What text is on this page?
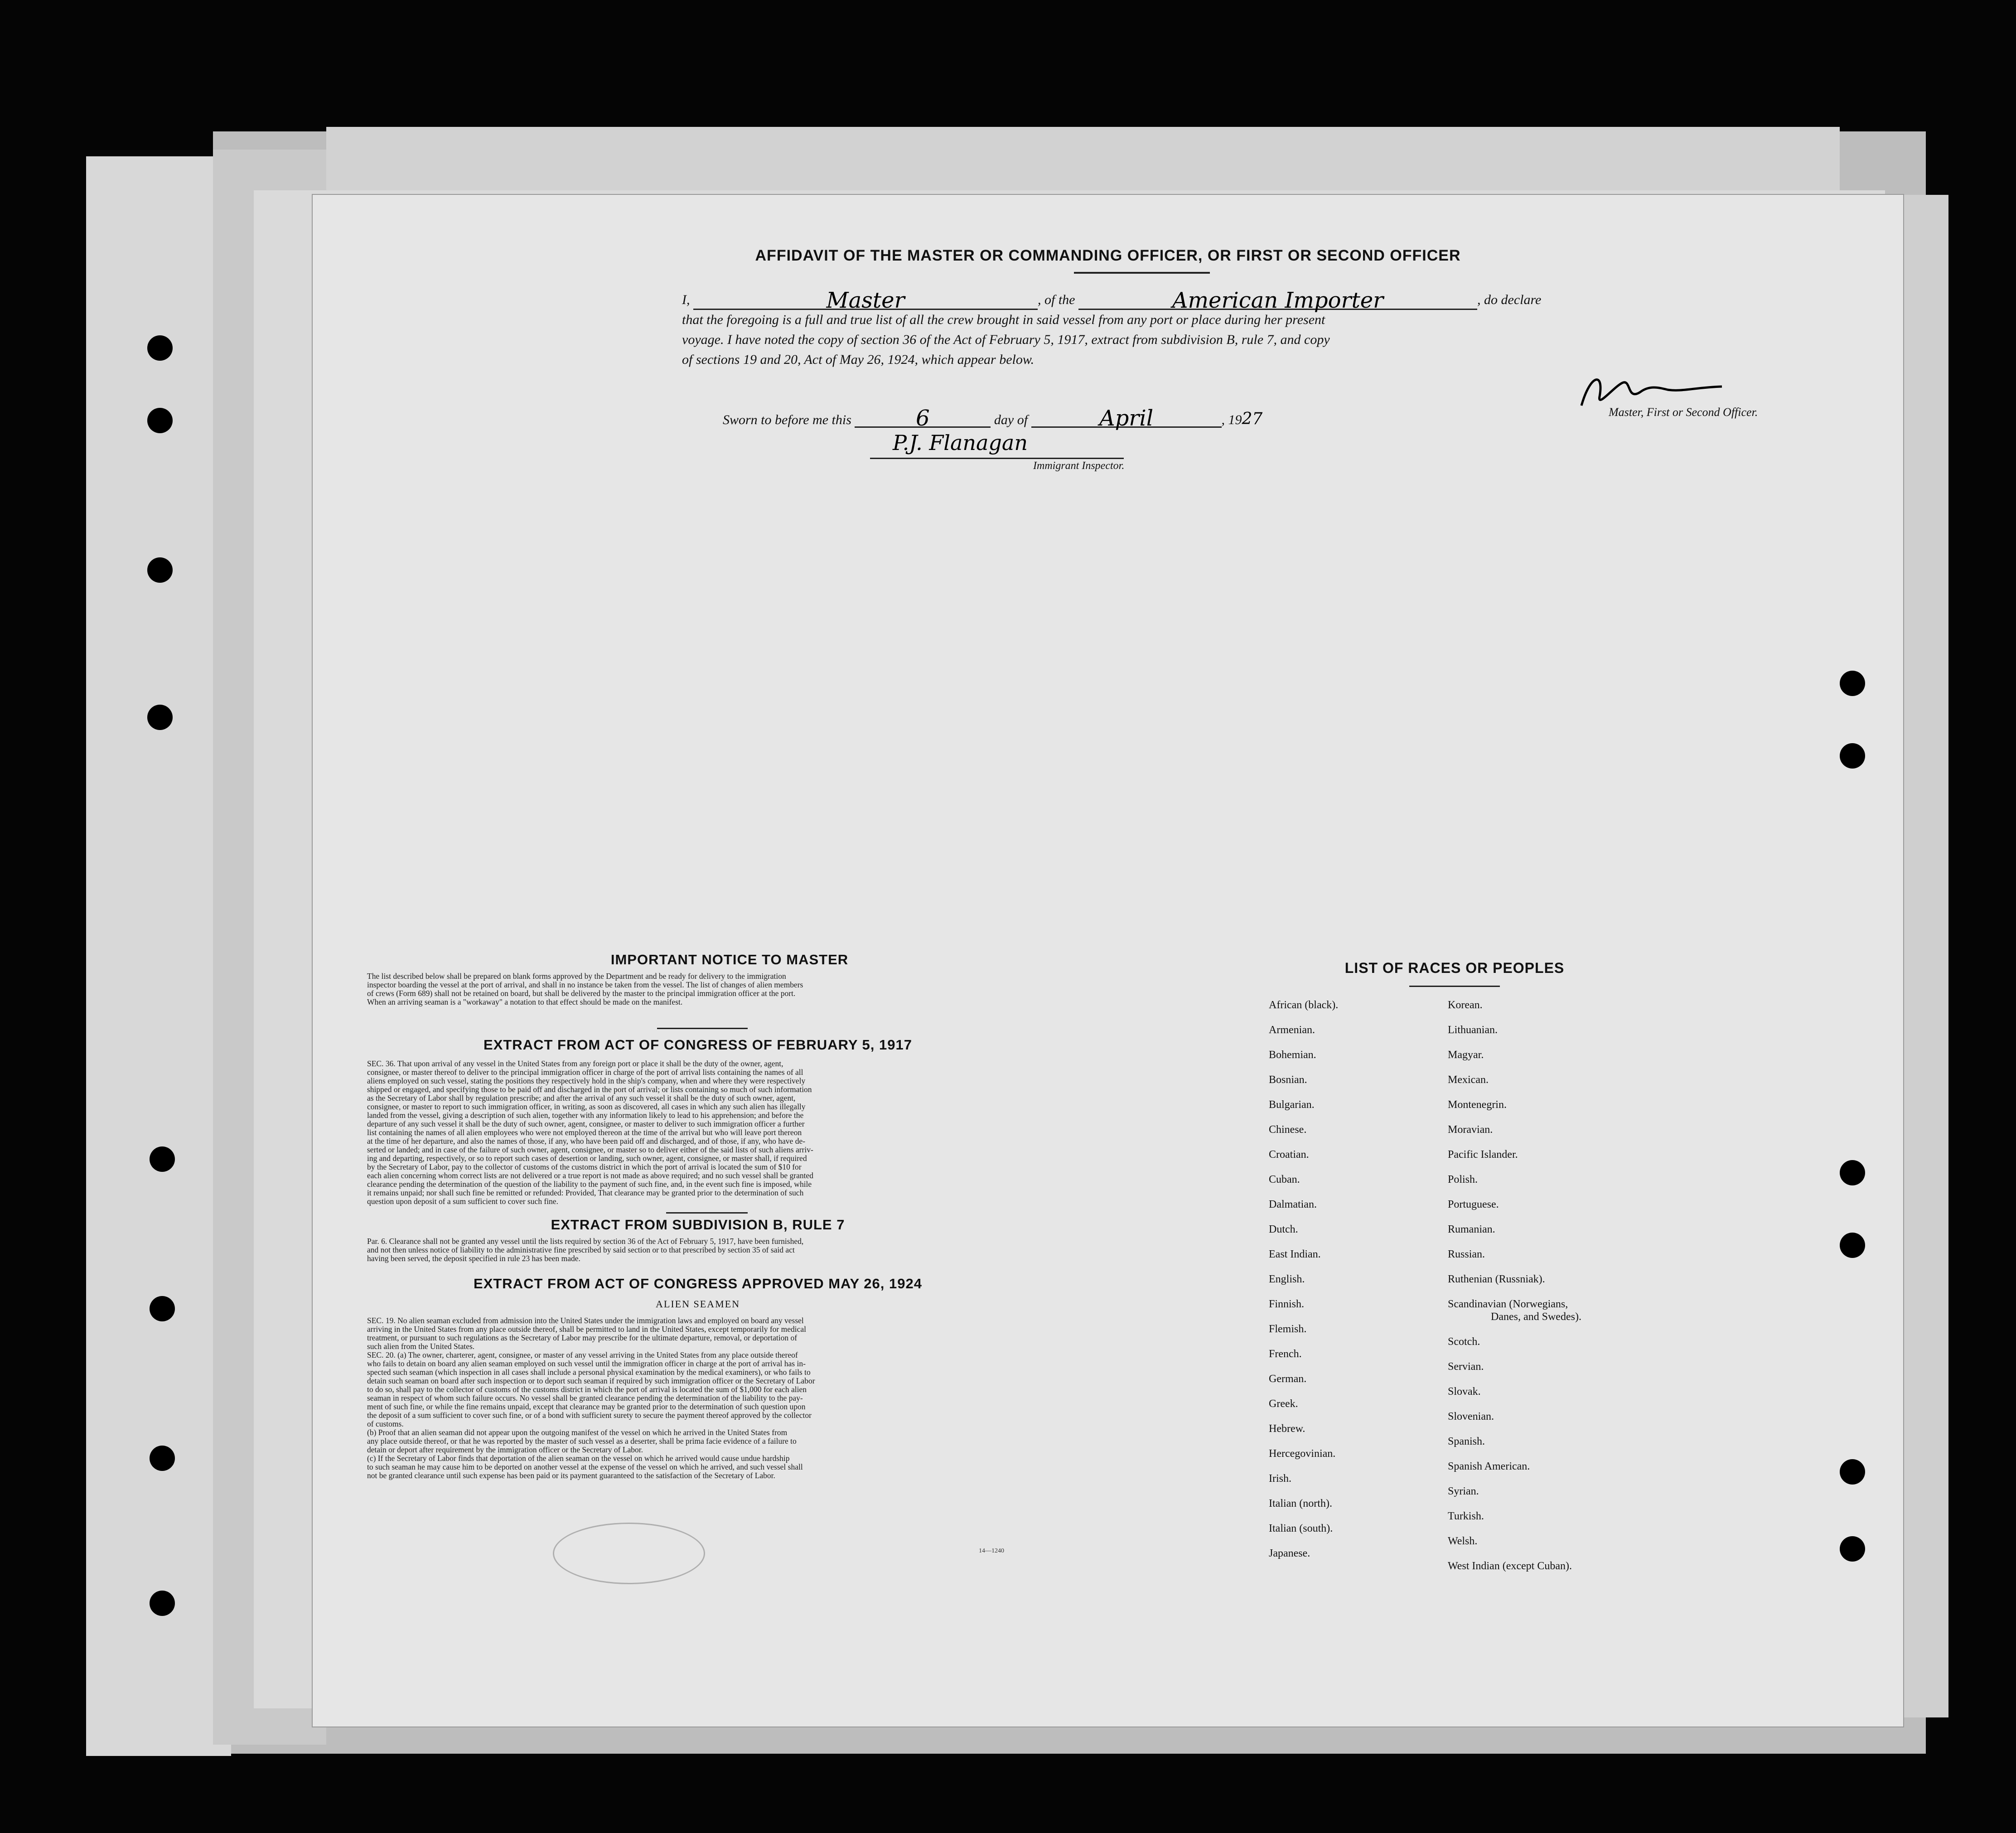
AFFIDAVIT OF THE MASTER OR COMMANDING OFFICER, OR FIRST OR SECOND OFFICER
I,	Master	, of the	American Importer	, do declare
that the foregoing is a full and true list of all the crew brought in said vessel from any port or place during her present
voyage. I have noted the copy of section 36 of the Act of February 5, 1917, extract from subdivision B, rule 7, and copy
of sections 19 and 20, Act of May 26, 1924, which appear below.
Sworn to before me this	6	day of	April	, 1927	Master, First or Second Officer.
P.J. Flanagan
Immigrant Inspector.
IMPORTANT NOTICE TO MASTER
The list described below shall be prepared on blank forms approved by the Department and be ready for delivery to the immigration
inspector boarding the vessel at the port of arrival, and shall in no instance be taken from the vessel. The list of changes of alien members
of crews (Form 689) shall not be retained on board, but shall be delivered by the master to the principal immigration officer at the port.
When an arriving seaman is a "workaway" a notation to that effect should be made on the manifest.
EXTRACT FROM ACT OF CONGRESS OF FEBRUARY 5, 1917
SEC. 36. That upon arrival of any vessel in the United States from any foreign port or place it shall be the duty of the owner, agent,
consignee, or master thereof to deliver to the principal immigration officer in charge of the port of arrival lists containing the names of all
aliens employed on such vessel, stating the positions they respectively hold in the ship's company, when and where they were respectively
shipped or engaged, and specifying those to be paid off and discharged in the port of arrival; or lists containing so much of such information
as the Secretary of Labor shall by regulation prescribe; and after the arrival of any such vessel it shall be the duty of such owner, agent,
consignee, or master to report to such immigration officer, in writing, as soon as discovered, all cases in which any such alien has illegally
landed from the vessel, giving a description of such alien, together with any information likely to lead to his apprehension; and before the
departure of any such vessel it shall be the duty of such owner, agent, consignee, or master to deliver to such immigration officer a further
list containing the names of all alien employees who were not employed thereon at the time of the arrival but who will leave port thereon
at the time of her departure, and also the names of those, if any, who have been paid off and discharged, and of those, if any, who have de-
serted or landed; and in case of the failure of such owner, agent, consignee, or master so to deliver either of the said lists of such aliens arriv-
ing and departing, respectively, or so to report such cases of desertion or landing, such owner, agent, consignee, or master shall, if required
by the Secretary of Labor, pay to the collector of customs of the customs district in which the port of arrival is located the sum of $10 for
each alien concerning whom correct lists are not delivered or a true report is not made as above required; and no such vessel shall be granted
clearance pending the determination of the question of the liability to the payment of such fine, and, in the event such fine is imposed, while
it remains unpaid; nor shall such fine be remitted or refunded: Provided, That clearance may be granted prior to the determination of such
question upon deposit of a sum sufficient to cover such fine.
EXTRACT FROM SUBDIVISION B, RULE 7
Par. 6. Clearance shall not be granted any vessel until the lists required by section 36 of the Act of February 5, 1917, have been furnished,
and not then unless notice of liability to the administrative fine prescribed by said section or to that prescribed by section 35 of said act
having been served, the deposit specified in rule 23 has been made.
EXTRACT FROM ACT OF CONGRESS APPROVED MAY 26, 1924
ALIEN SEAMEN
SEC. 19. No alien seaman excluded from admission into the United States under the immigration laws and employed on board any vessel
arriving in the United States from any place outside thereof, shall be permitted to land in the United States, except temporarily for medical
treatment, or pursuant to such regulations as the Secretary of Labor may prescribe for the ultimate departure, removal, or deportation of
such alien from the United States.
SEC. 20. (a) The owner, charterer, agent, consignee, or master of any vessel arriving in the United States from any place outside thereof
who fails to detain on board any alien seaman employed on such vessel until the immigration officer in charge at the port of arrival has in-
spected such seaman (which inspection in all cases shall include a personal physical examination by the medical examiners), or who fails to
detain such seaman on board after such inspection or to deport such seaman if required by such immigration officer or the Secretary of Labor
to do so, shall pay to the collector of customs of the customs district in which the port of arrival is located the sum of $1,000 for each alien
seaman in respect of whom such failure occurs. No vessel shall be granted clearance pending the determination of the liability to the pay-
ment of such fine, or while the fine remains unpaid, except that clearance may be granted prior to the determination of such question upon
the deposit of a sum sufficient to cover such fine, or of a bond with sufficient surety to secure the payment thereof approved by the collector
of customs.
(b) Proof that an alien seaman did not appear upon the outgoing manifest of the vessel on which he arrived in the United States from
any place outside thereof, or that he was reported by the master of such vessel as a deserter, shall be prima facie evidence of a failure to
detain or deport after requirement by the immigration officer or the Secretary of Labor.
(c) If the Secretary of Labor finds that deportation of the alien seaman on the vessel on which he arrived would cause undue hardship
to such seaman he may cause him to be deported on another vessel at the expense of the vessel on which he arrived, and such vessel shall
not be granted clearance until such expense has been paid or its payment guaranteed to the satisfaction of the Secretary of Labor.
14—1240
LIST OF RACES OR PEOPLES
African (black).
Armenian.
Bohemian.
Bosnian.
Bulgarian.
Chinese.
Croatian.
Cuban.
Dalmatian.
Dutch.
East Indian.
English.
Finnish.
Flemish.
French.
German.
Greek.
Hebrew.
Hercegovinian.
Irish.
Italian (north).
Italian (south).
Japanese.
Korean.
Lithuanian.
Magyar.
Mexican.
Montenegrin.
Moravian.
Pacific Islander.
Polish.
Portuguese.
Rumanian.
Russian.
Ruthenian (Russniak).
Scandinavian (Norwegians,
Danes, and Swedes).
Scotch.
Servian.
Slovak.
Slovenian.
Spanish.
Spanish American.
Syrian.
Turkish.
Welsh.
West Indian (except Cuban).
